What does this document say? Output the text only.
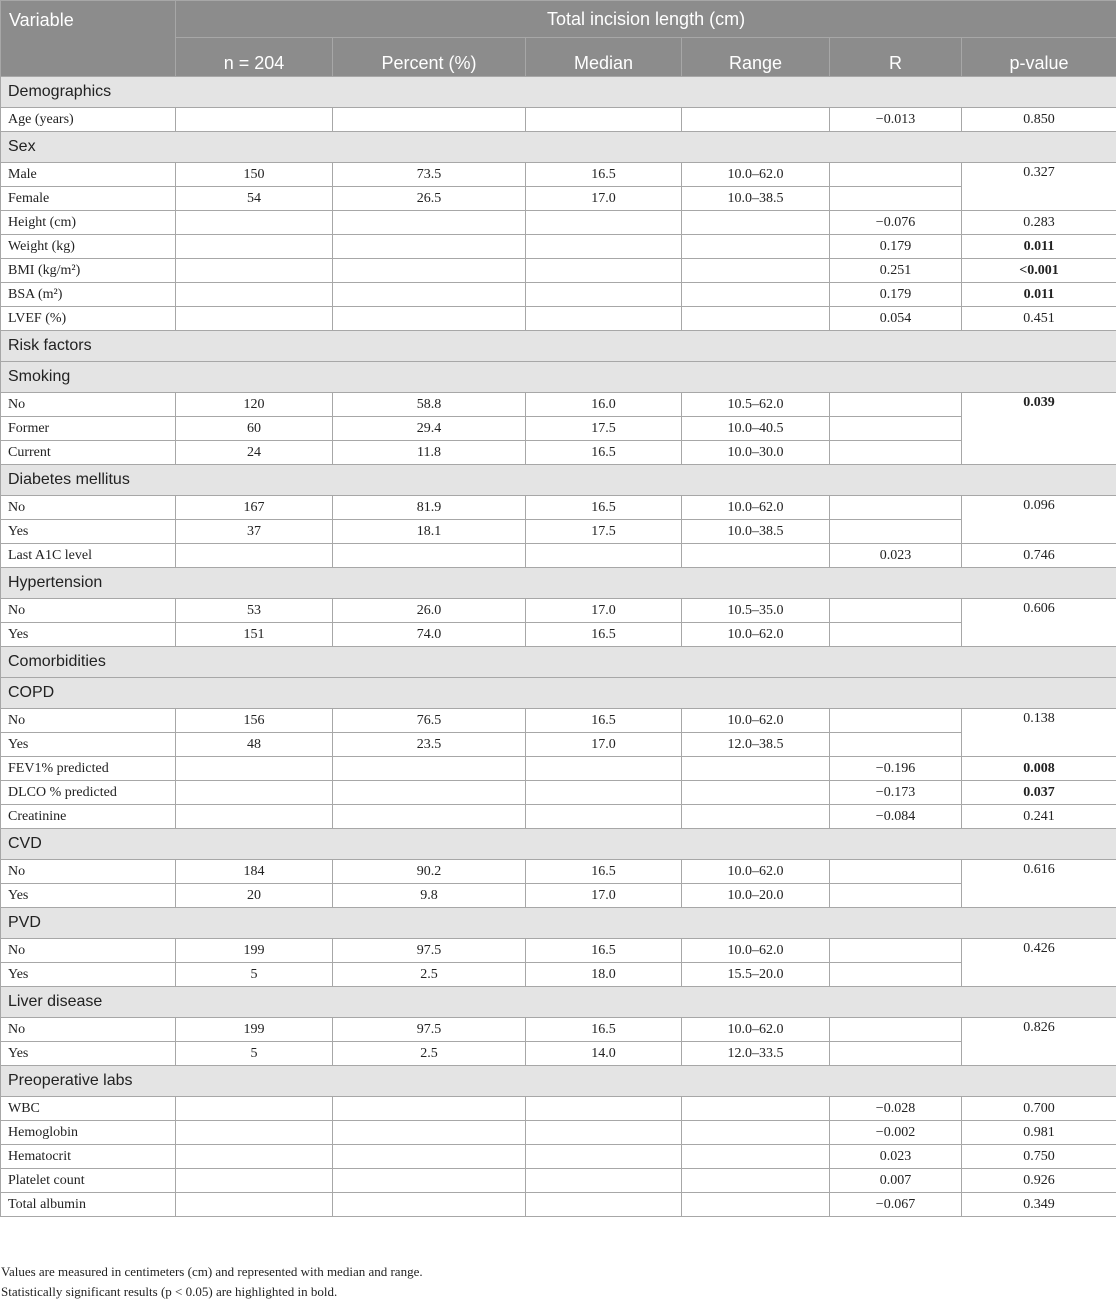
Variable	Total incision length (cm)					
	n = 204	Percent (%)	Median	Range	R	p-value
Demographics						
Age (years)					−0.013	0.850
Sex						
Male	150	73.5	16.5	10.0–62.0		0.327
Female	54	26.5	17.0	10.0–38.5		
Height (cm)					−0.076	0.283
Weight (kg)					0.179	0.011
BMI (kg/m²)					0.251	<0.001
BSA (m²)					0.179	0.011
LVEF (%)					0.054	0.451
Risk factors						
Smoking						
No	120	58.8	16.0	10.5–62.0		0.039
Former	60	29.4	17.5	10.0–40.5		
Current	24	11.8	16.5	10.0–30.0		
Diabetes mellitus						
No	167	81.9	16.5	10.0–62.0		0.096
Yes	37	18.1	17.5	10.0–38.5		
Last A1C level					0.023	0.746
Hypertension						
No	53	26.0	17.0	10.5–35.0		0.606
Yes	151	74.0	16.5	10.0–62.0		
Comorbidities						
COPD						
No	156	76.5	16.5	10.0–62.0		0.138
Yes	48	23.5	17.0	12.0–38.5		
FEV1% predicted					−0.196	0.008
DLCO % predicted					−0.173	0.037
Creatinine					−0.084	0.241
CVD						
No	184	90.2	16.5	10.0–62.0		0.616
Yes	20	9.8	17.0	10.0–20.0		
PVD						
No	199	97.5	16.5	10.0–62.0		0.426
Yes	5	2.5	18.0	15.5–20.0		
Liver disease						
No	199	97.5	16.5	10.0–62.0		0.826
Yes	5	2.5	14.0	12.0–33.5		
Preoperative labs						
WBC					−0.028	0.700
Hemoglobin					−0.002	0.981
Hematocrit					0.023	0.750
Platelet count					0.007	0.926
Total albumin					−0.067	0.349
Values are measured in centimeters (cm) and represented with median and range.
Statistically significant results (p < 0.05) are highlighted in bold.
